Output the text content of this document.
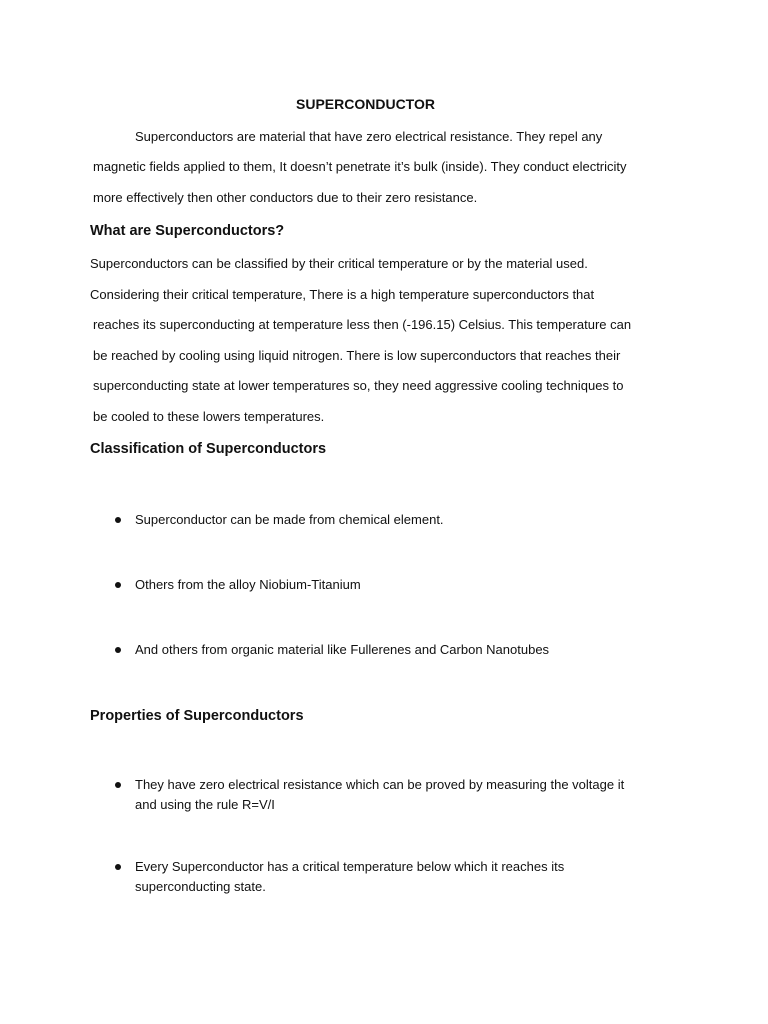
SUPERCONDUCTOR
Superconductors are material that have zero electrical resistance. They repel any
magnetic fields applied to them, It doesn’t penetrate it’s bulk (inside). They conduct electricity
more effectively then other conductors due to their zero resistance.
What are Superconductors?
Superconductors can be classified by their critical temperature or by the material used.
Considering their critical temperature, There is a high temperature superconductors that
reaches its superconducting at temperature less then (-196.15) Celsius. This temperature can
be reached by cooling using liquid nitrogen. There is low superconductors that reaches their
superconducting state at lower temperatures so, they need aggressive cooling techniques to
be cooled to these lowers temperatures.
Classification of Superconductors
Superconductor can be made from chemical element.
Others from the alloy Niobium-Titanium
And others from organic material like Fullerenes and Carbon Nanotubes
Properties of Superconductors
They have zero electrical resistance which can be proved by measuring the voltage it
and using the rule R=V/I
Every Superconductor has a critical temperature below which it reaches its
superconducting state.
